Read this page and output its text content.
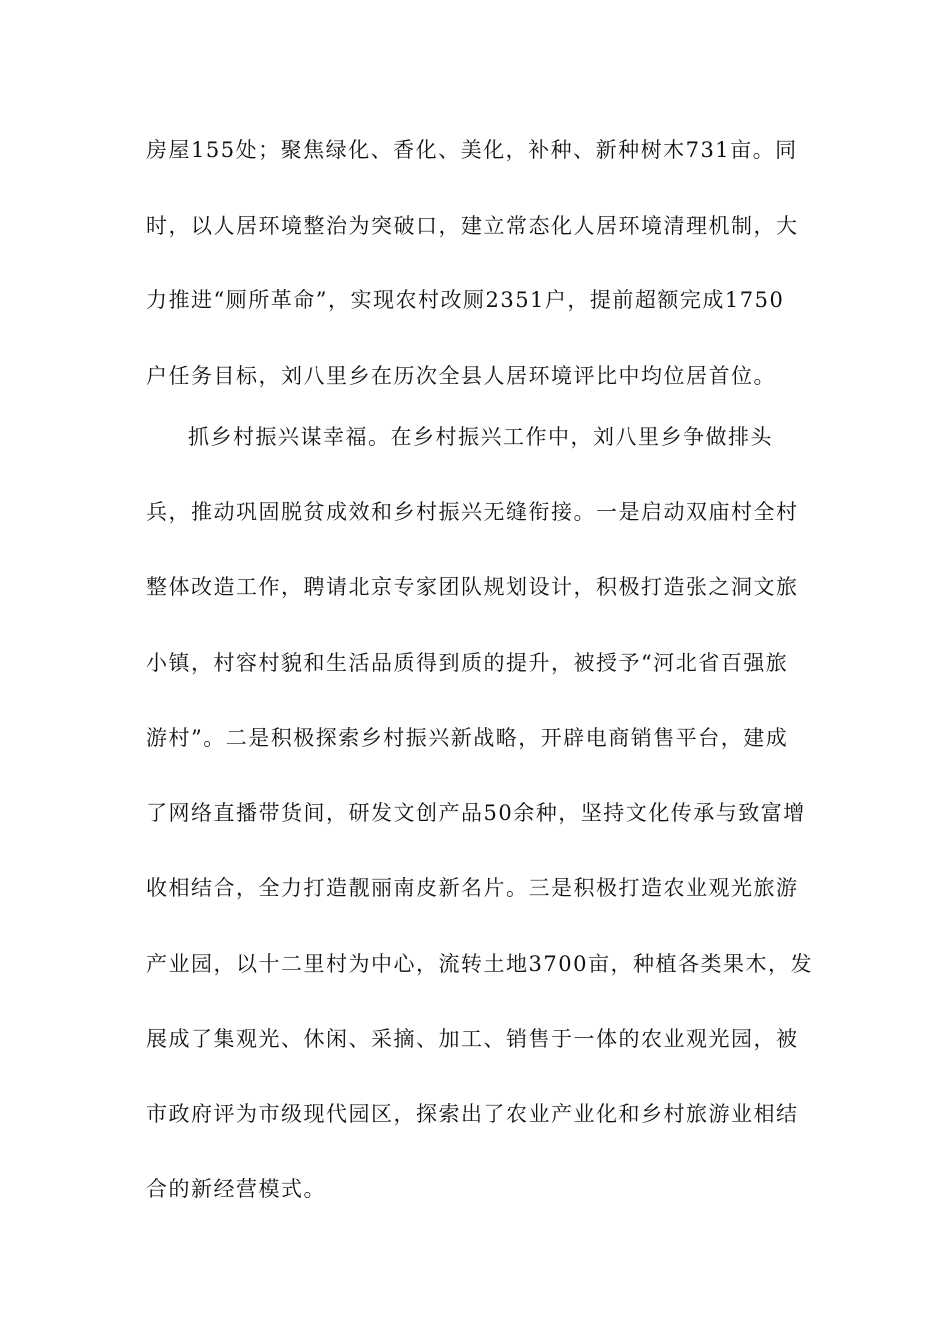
房屋155处；聚焦绿化、香化、美化，补种、新种树木731亩。同
时，以人居环境整治为突破口，建立常态化人居环境清理机制，大
力推进“厕所革命”，实现农村改厕2351户，提前超额完成1750
户任务目标，刘八里乡在历次全县人居环境评比中均位居首位。
抓乡村振兴谋幸福。在乡村振兴工作中，刘八里乡争做排头
兵，推动巩固脱贫成效和乡村振兴无缝衔接。一是启动双庙村全村
整体改造工作，聘请北京专家团队规划设计，积极打造张之洞文旅
小镇，村容村貌和生活品质得到质的提升，被授予“河北省百强旅
游村”。二是积极探索乡村振兴新战略，开辟电商销售平台，建成
了网络直播带货间，研发文创产品50余种，坚持文化传承与致富增
收相结合，全力打造靓丽南皮新名片。三是积极打造农业观光旅游
产业园，以十二里村为中心，流转土地3700亩，种植各类果木，发
展成了集观光、休闲、采摘、加工、销售于一体的农业观光园，被
市政府评为市级现代园区，探索出了农业产业化和乡村旅游业相结
合的新经营模式。
